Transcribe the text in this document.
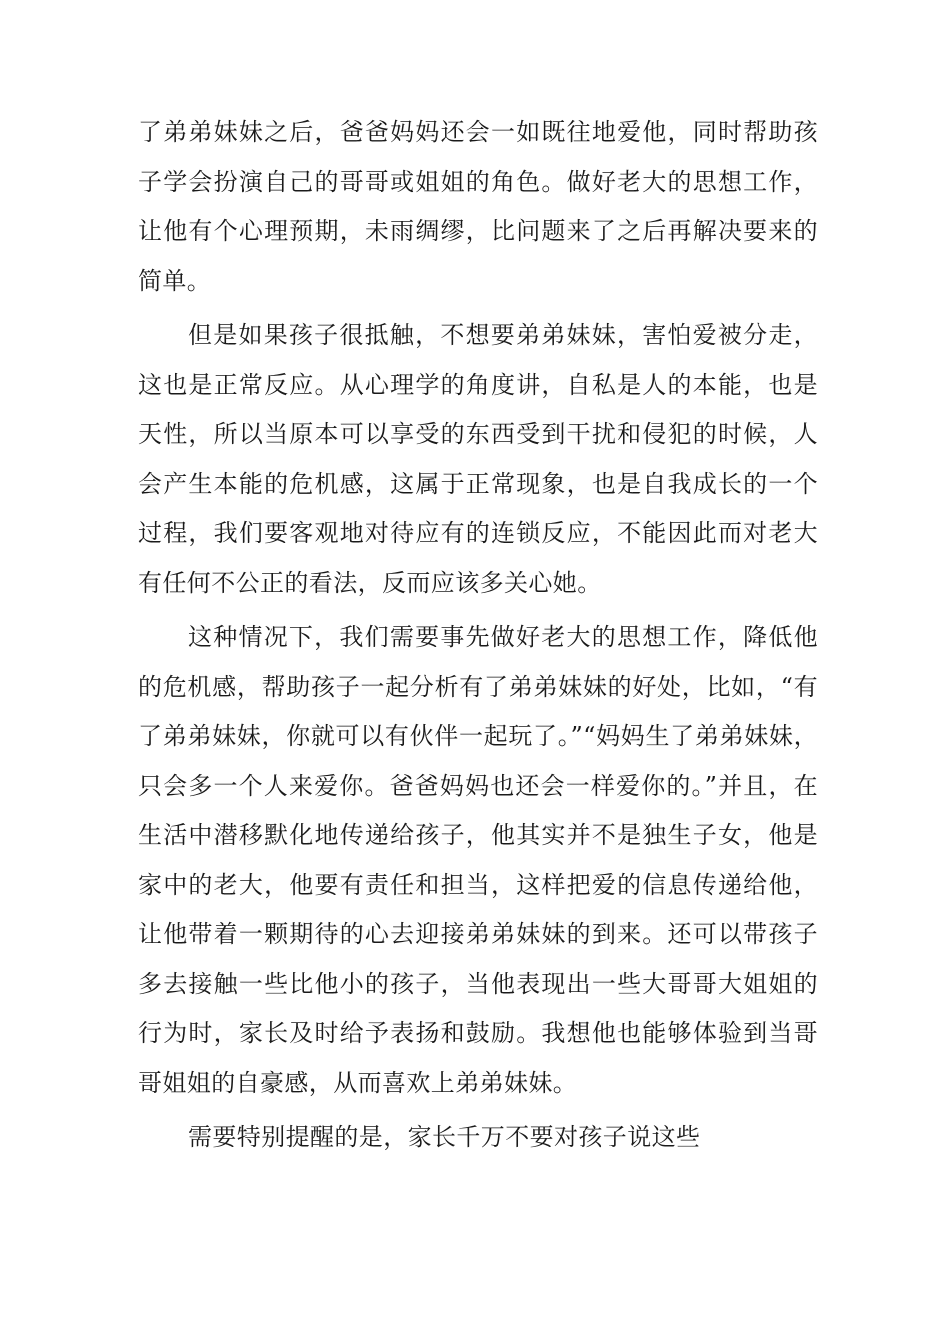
了弟弟妹妹之后，爸爸妈妈还会一如既往地爱他，同时帮助孩子学会扮演自己的哥哥或姐姐的角色。做好老大的思想工作，让他有个心理预期，未雨绸缪，比问题来了之后再解决要来的简单。

但是如果孩子很抵触，不想要弟弟妹妹，害怕爱被分走，这也是正常反应。从心理学的角度讲，自私是人的本能，也是天性，所以当原本可以享受的东西受到干扰和侵犯的时候，人会产生本能的危机感，这属于正常现象，也是自我成长的一个过程，我们要客观地对待应有的连锁反应，不能因此而对老大有任何不公正的看法，反而应该多关心她。

这种情况下，我们需要事先做好老大的思想工作，降低他的危机感，帮助孩子一起分析有了弟弟妹妹的好处，比如，“有了弟弟妹妹，你就可以有伙伴一起玩了。”“妈妈生了弟弟妹妹，只会多一个人来爱你。爸爸妈妈也还会一样爱你的。”并且，在生活中潜移默化地传递给孩子，他其实并不是独生子女，他是家中的老大，他要有责任和担当，这样把爱的信息传递给他，让他带着一颗期待的心去迎接弟弟妹妹的到来。还可以带孩子多去接触一些比他小的孩子，当他表现出一些大哥哥大姐姐的行为时，家长及时给予表扬和鼓励。我想他也能够体验到当哥哥姐姐的自豪感，从而喜欢上弟弟妹妹。

需要特别提醒的是，家长千万不要对孩子说这些
